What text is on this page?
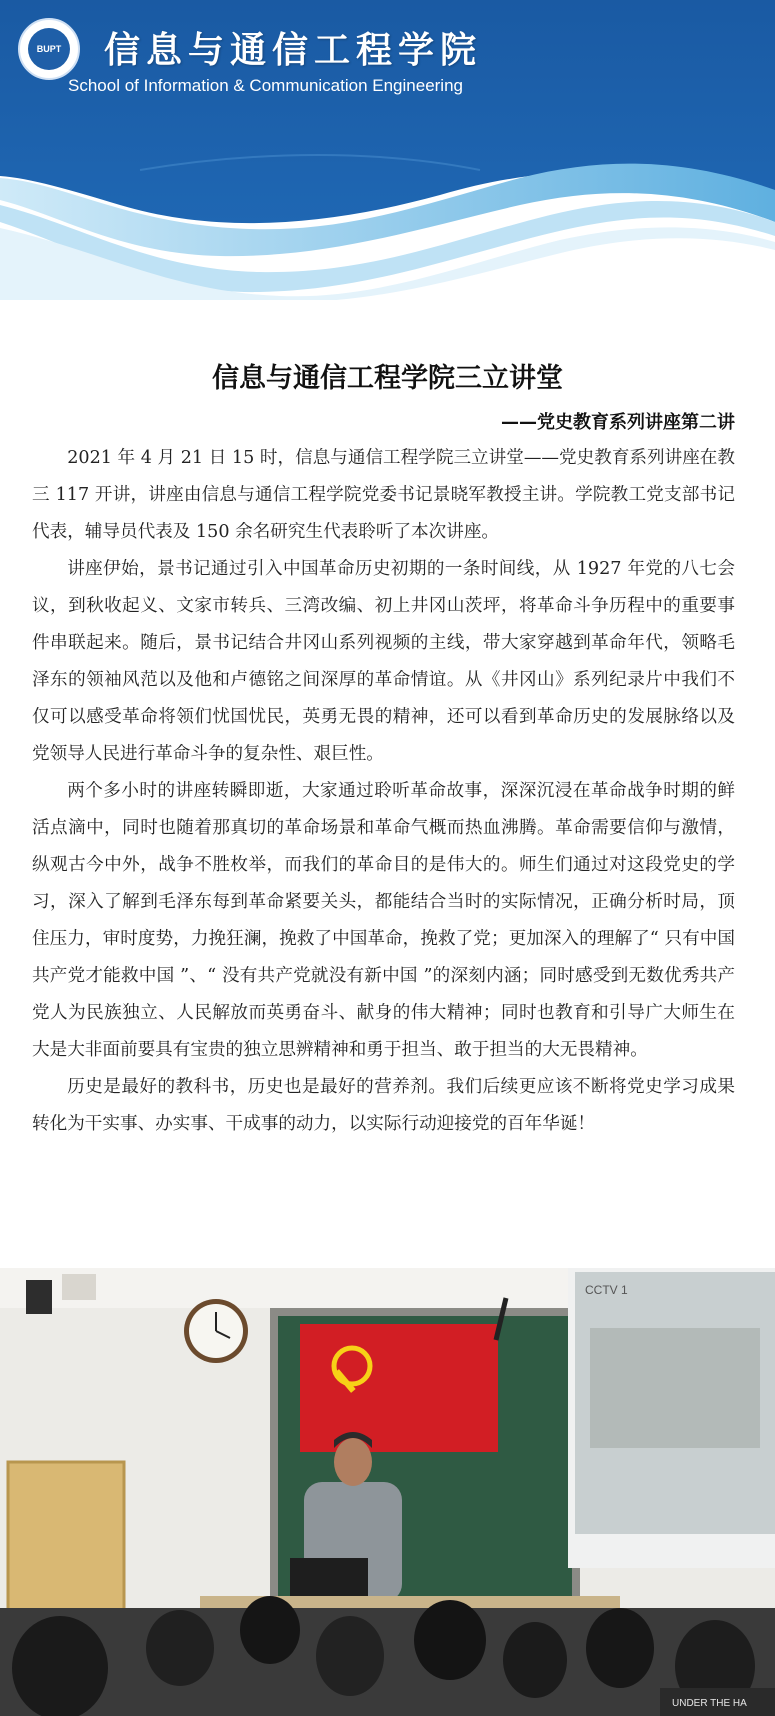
BUPT 信息与通信工程学院
School of Information & Communication Engineering
信息与通信工程学院三立讲堂
——党史教育系列讲座第二讲

2021 年 4 月 21 日 15 时，信息与通信工程学院三立讲堂——党史教育系列讲座在教三 117 开讲，讲座由信息与通信工程学院党委书记景晓军教授主讲。学院教工党支部书记代表，辅导员代表及 150 余名研究生代表聆听了本次讲座。

讲座伊始，景书记通过引入中国革命历史初期的一条时间线，从 1927 年党的八七会议，到秋收起义、文家市转兵、三湾改编、初上井冈山茨坪，将革命斗争历程中的重要事件串联起来。随后，景书记结合井冈山系列视频的主线，带大家穿越到革命年代，领略毛泽东的领袖风范以及他和卢德铭之间深厚的革命情谊。从《井冈山》系列纪录片中我们不仅可以感受革命将领们忧国忧民，英勇无畏的精神，还可以看到革命历史的发展脉络以及党领导人民进行革命斗争的复杂性、艰巨性。

两个多小时的讲座转瞬即逝，大家通过聆听革命故事，深深沉浸在革命战争时期的鲜活点滴中，同时也随着那真切的革命场景和革命气概而热血沸腾。革命需要信仰与激情，纵观古今中外，战争不胜枚举，而我们的革命目的是伟大的。师生们通过对这段党史的学习，深入了解到毛泽东每到革命紧要关头，都能结合当时的实际情况，正确分析时局，顶住压力，审时度势，力挽狂澜，挽救了中国革命，挽救了党；更加深入的理解了“ 只有中国共产党才能救中国 ”、“ 没有共产党就没有新中国 ”的深刻内涵；同时感受到无数优秀共产党人为民族独立、人民解放而英勇奋斗、献身的伟大精神；同时也教育和引导广大师生在大是大非面前要具有宝贵的独立思辨精神和勇于担当、敢于担当的大无畏精神。

历史是最好的教科书，历史也是最好的营养剂。我们后续更应该不断将党史学习成果转化为干实事、办实事、干成事的动力，以实际行动迎接党的百年华诞！

CCTV 1
UNDER THE HA
